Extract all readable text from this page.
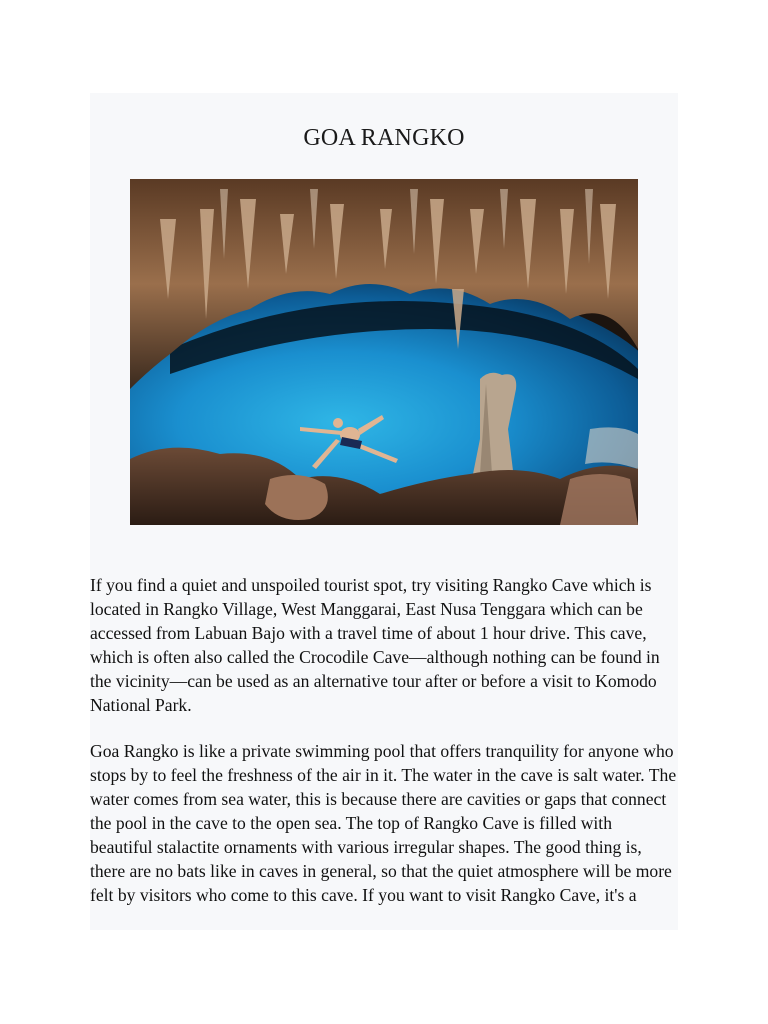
GOA RANGKO

If you find a quiet and unspoiled tourist spot, try visiting Rangko Cave which is located in Rangko Village, West Manggarai, East Nusa Tenggara which can be accessed from Labuan Bajo with a travel time of about 1 hour drive. This cave, which is often also called the Crocodile Cave—although nothing can be found in the vicinity—can be used as an alternative tour after or before a visit to Komodo National Park.

Goa Rangko is like a private swimming pool that offers tranquility for anyone who stops by to feel the freshness of the air in it. The water in the cave is salt water. The water comes from sea water, this is because there are cavities or gaps that connect the pool in the cave to the open sea. The top of Rangko Cave is filled with beautiful stalactite ornaments with various irregular shapes. The good thing is, there are no bats like in caves in general, so that the quiet atmosphere will be more felt by visitors who come to this cave. If you want to visit Rangko Cave, it's a
